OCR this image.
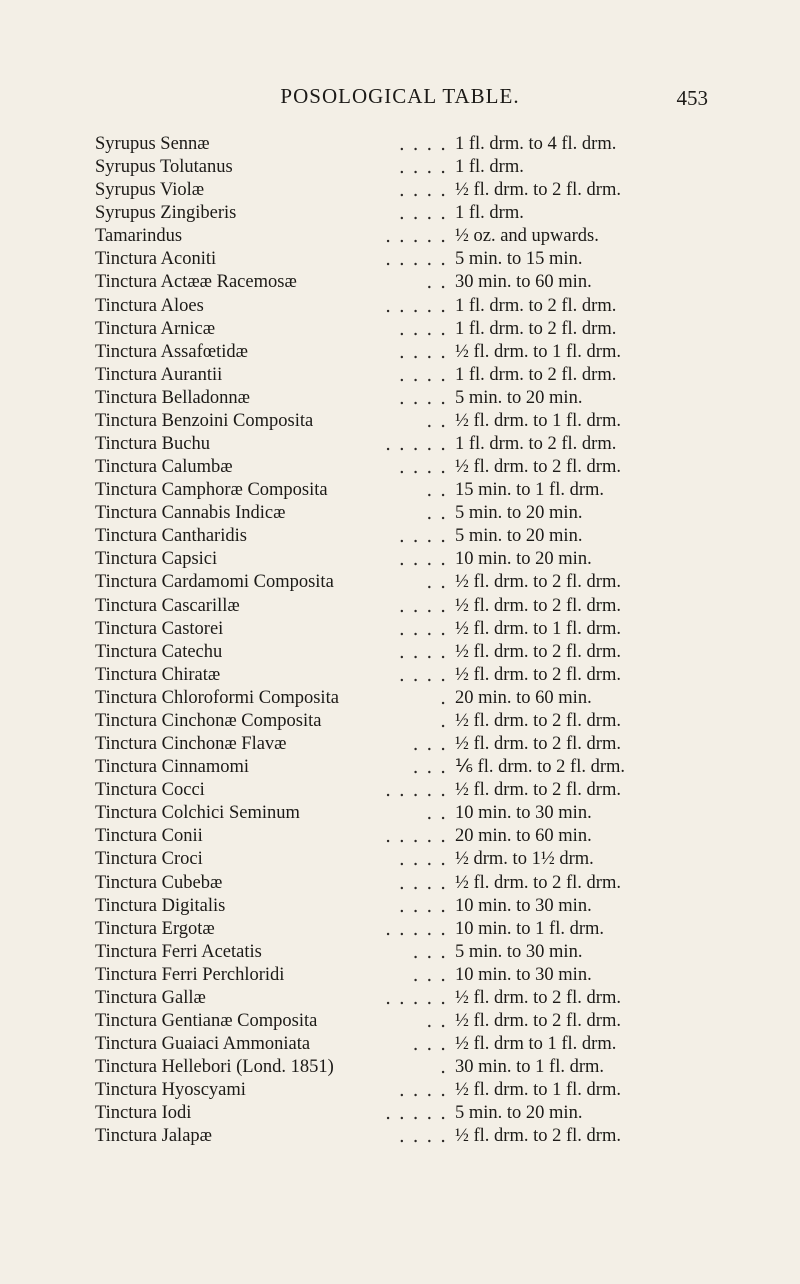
POSOLOGICAL TABLE.	453
Syrupus Sennæ	. . . . 1 fl. drm. to 4 fl. drm.
Syrupus Tolutanus	. . . . 1 fl. drm.
Syrupus Violæ	. . . . ½ fl. drm. to 2 fl. drm.
Syrupus Zingiberis	. . . . 1 fl. drm.
Tamarindus	. . . . . ½ oz. and upwards.
Tinctura Aconiti	. . . . . 5 min. to 15 min.
Tinctura Actææ Racemosæ	. . 30 min. to 60 min.
Tinctura Aloes	. . . . . 1 fl. drm. to 2 fl. drm.
Tinctura Arnicæ	. . . . 1 fl. drm. to 2 fl. drm.
Tinctura Assafœtidæ	. . . . ½ fl. drm. to 1 fl. drm.
Tinctura Aurantii	. . . . 1 fl. drm. to 2 fl. drm.
Tinctura Belladonnæ	. . . . 5 min. to 20 min.
Tinctura Benzoini Composita	. . ½ fl. drm. to 1 fl. drm.
Tinctura Buchu	. . . . . 1 fl. drm. to 2 fl. drm.
Tinctura Calumbæ	. . . . ½ fl. drm. to 2 fl. drm.
Tinctura Camphoræ Composita	. . 15 min. to 1 fl. drm.
Tinctura Cannabis Indicæ	. . 5 min. to 20 min.
Tinctura Cantharidis	. . . . 5 min. to 20 min.
Tinctura Capsici	. . . . 10 min. to 20 min.
Tinctura Cardamomi Composita	. . ½ fl. drm. to 2 fl. drm.
Tinctura Cascarillæ	. . . . ½ fl. drm. to 2 fl. drm.
Tinctura Castorei	. . . . ½ fl. drm. to 1 fl. drm.
Tinctura Catechu	. . . . ½ fl. drm. to 2 fl. drm.
Tinctura Chiratæ	. . . . ½ fl. drm. to 2 fl. drm.
Tinctura Chloroformi Composita	. 20 min. to 60 min.
Tinctura Cinchonæ Composita	. ½ fl. drm. to 2 fl. drm.
Tinctura Cinchonæ Flavæ	. . . ½ fl. drm. to 2 fl. drm.
Tinctura Cinnamomi	. . . ⅙ fl. drm. to 2 fl. drm.
Tinctura Cocci	. . . . . ½ fl. drm. to 2 fl. drm.
Tinctura Colchici Seminum	. . 10 min. to 30 min.
Tinctura Conii	. . . . . 20 min. to 60 min.
Tinctura Croci	. . . . ½ drm. to 1½ drm.
Tinctura Cubebæ	. . . . ½ fl. drm. to 2 fl. drm.
Tinctura Digitalis	. . . . 10 min. to 30 min.
Tinctura Ergotæ	. . . . . 10 min. to 1 fl. drm.
Tinctura Ferri Acetatis	. . . 5 min. to 30 min.
Tinctura Ferri Perchloridi	. . . 10 min. to 30 min.
Tinctura Gallæ	. . . . . ½ fl. drm. to 2 fl. drm.
Tinctura Gentianæ Composita	. . ½ fl. drm. to 2 fl. drm.
Tinctura Guaiaci Ammoniata	. . . ½ fl. drm to 1 fl. drm.
Tinctura Hellebori (Lond. 1851)	. 30 min. to 1 fl. drm.
Tinctura Hyoscyami	. . . . ½ fl. drm. to 1 fl. drm.
Tinctura Iodi	. . . . . 5 min. to 20 min.
Tinctura Jalapæ	. . . . ½ fl. drm. to 2 fl. drm.
